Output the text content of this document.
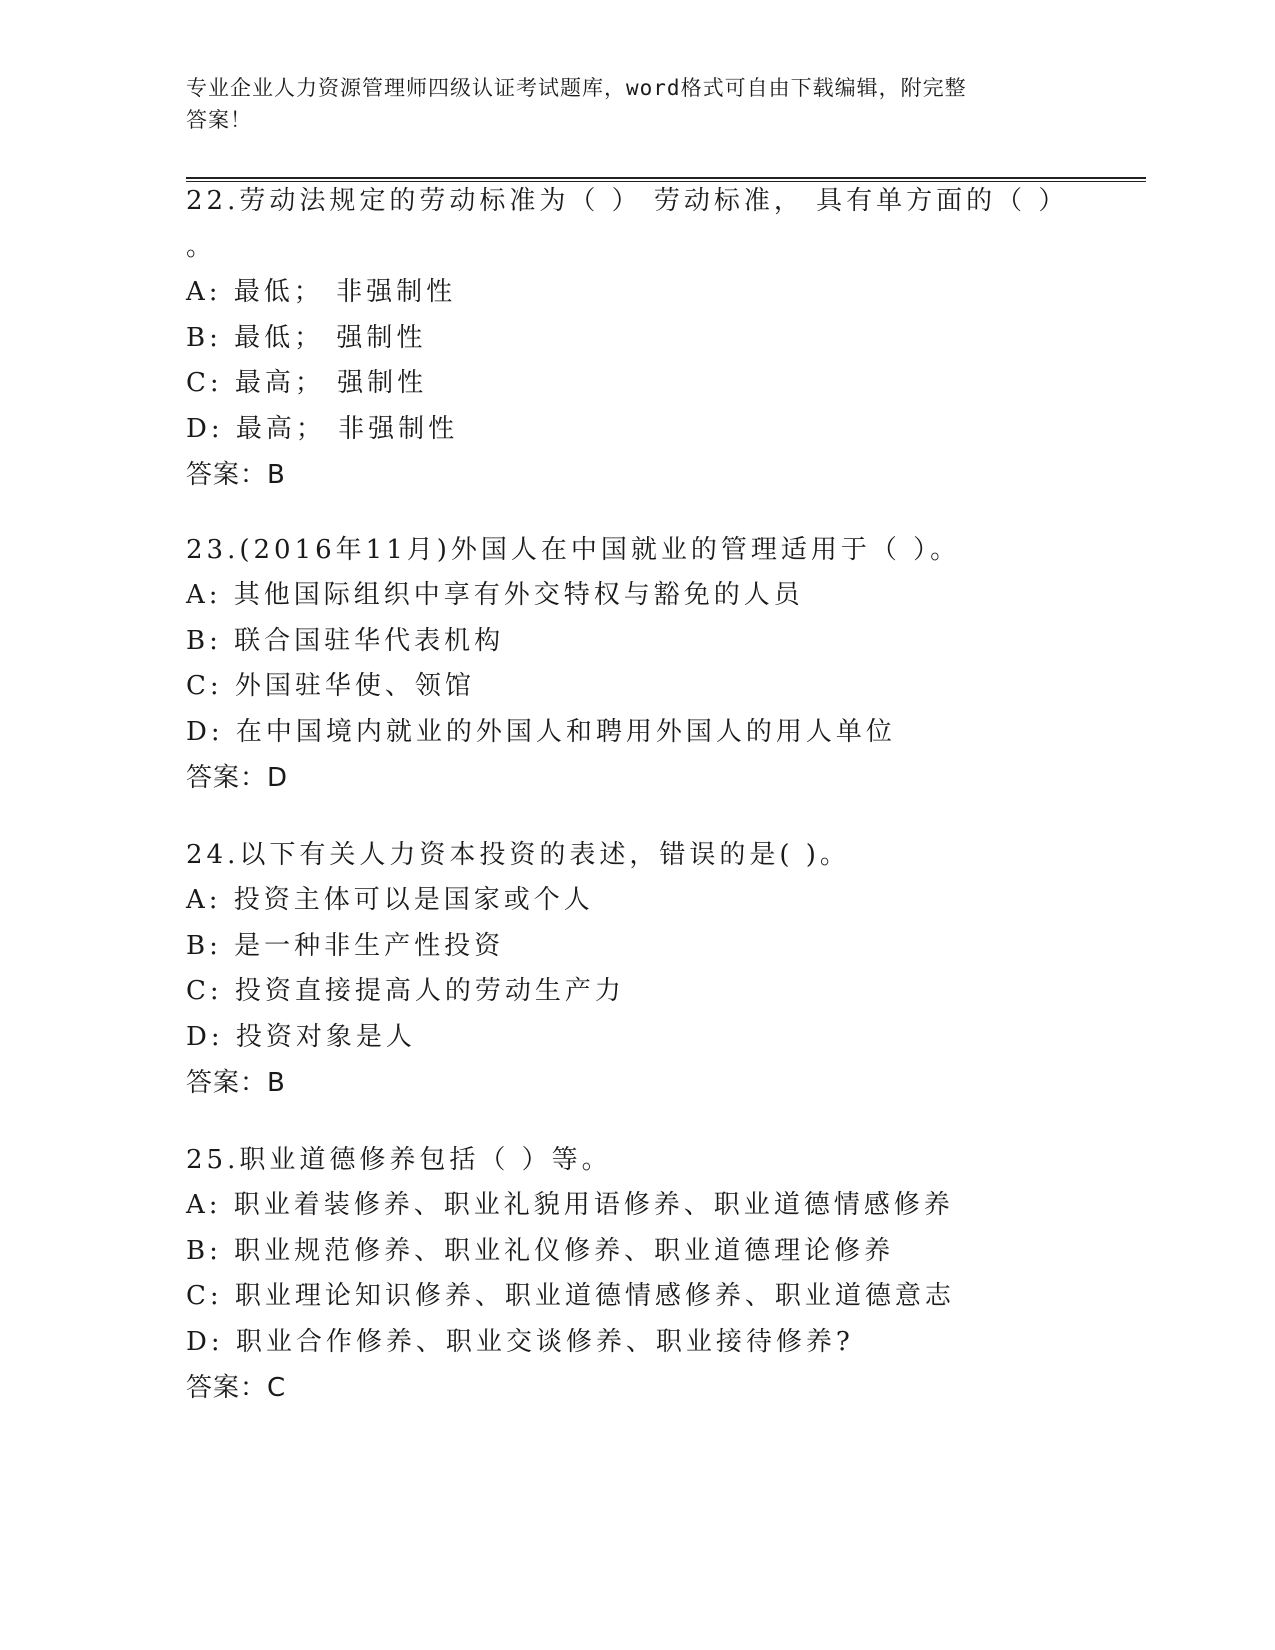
专业企业人力资源管理师四级认证考试题库，word格式可自由下载编辑，附完整
答案！

22.劳动法规定的劳动标准为（ ） 劳动标准， 具有单方面的（ ）

。

A: 最低； 非强制性

B: 最低； 强制性

C: 最高； 强制性

D: 最高； 非强制性

答案：B

23.(2016年11月)外国人在中国就业的管理适用于（ ）。

A: 其他国际组织中享有外交特权与豁免的人员

B: 联合国驻华代表机构

C: 外国驻华使、领馆

D: 在中国境内就业的外国人和聘用外国人的用人单位

答案：D

24.以下有关人力资本投资的表述，错误的是( )。

A: 投资主体可以是国家或个人

B: 是一种非生产性投资

C: 投资直接提高人的劳动生产力

D: 投资对象是人

答案：B

25.职业道德修养包括（ ）等。

A: 职业着装修养、职业礼貌用语修养、职业道德情感修养

B: 职业规范修养、职业礼仪修养、职业道德理论修养

C: 职业理论知识修养、职业道德情感修养、职业道德意志

D: 职业合作修养、职业交谈修养、职业接待修养?

答案：C
